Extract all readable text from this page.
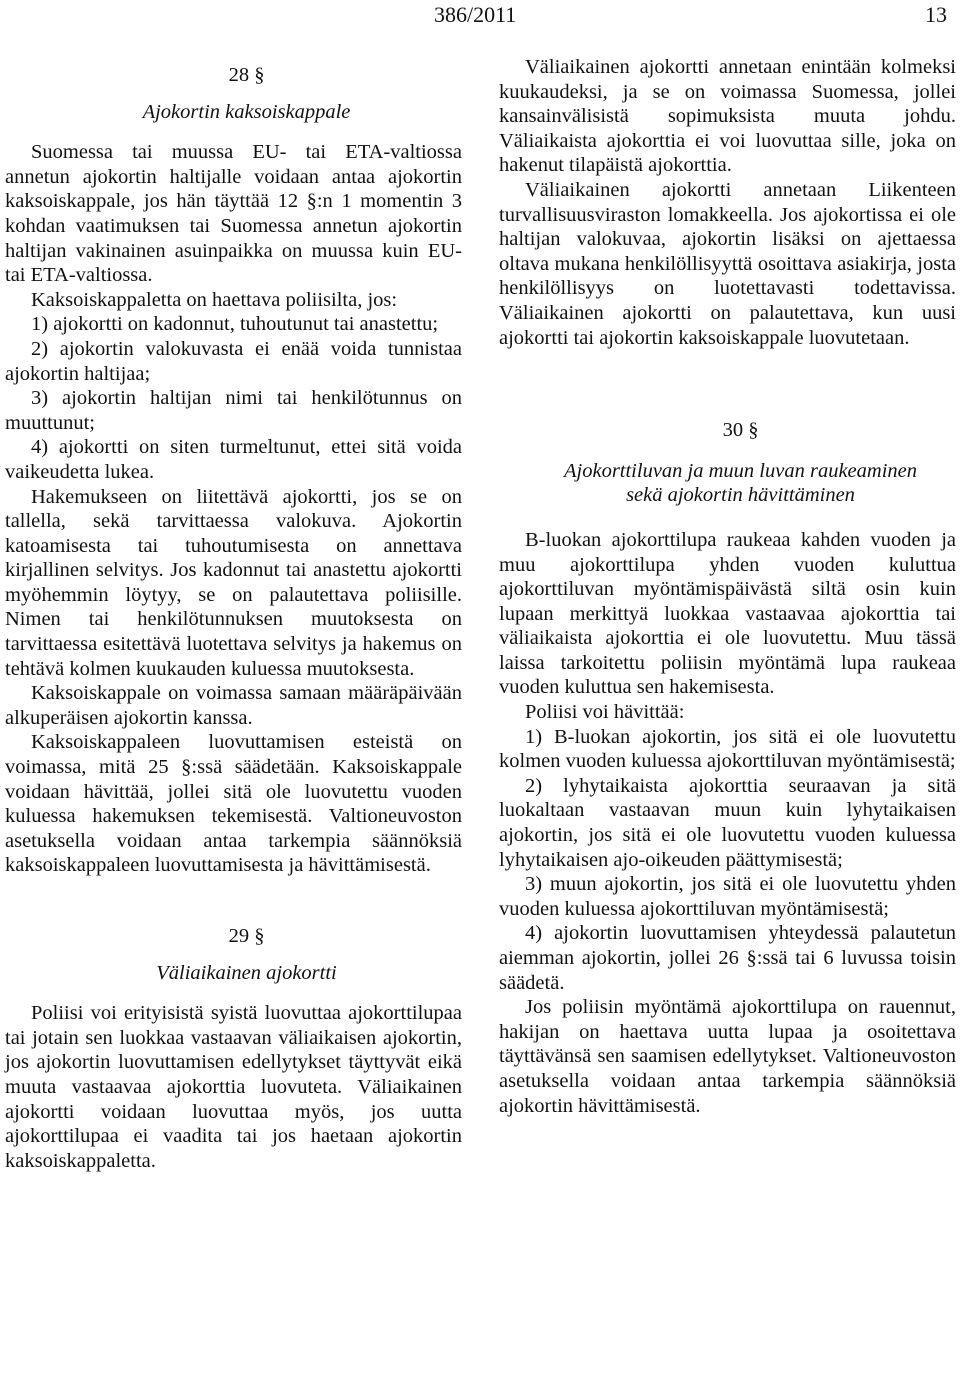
386/2011	13

28 §

Ajokortin kaksoiskappale

Suomessa tai muussa EU- tai ETA-valtiossa annetun ajokortin haltijalle voidaan antaa ajokortin kaksoiskappale, jos hän täyttää 12 §:n 1 momentin 3 kohdan vaatimuksen tai Suomessa annetun ajokortin haltijan vakinainen asuinpaikka on muussa kuin EU- tai ETA-valtiossa.

Kaksoiskappaletta on haettava poliisilta, jos:

1) ajokortti on kadonnut, tuhoutunut tai anastettu;

2) ajokortin valokuvasta ei enää voida tunnistaa ajokortin haltijaa;

3) ajokortin haltijan nimi tai henkilötunnus on muuttunut;

4) ajokortti on siten turmeltunut, ettei sitä voida vaikeudetta lukea.

Hakemukseen on liitettävä ajokortti, jos se on tallella, sekä tarvittaessa valokuva. Ajokortin katoamisesta tai tuhoutumisesta on annettava kirjallinen selvitys. Jos kadonnut tai anastettu ajokortti myöhemmin löytyy, se on palautettava poliisille. Nimen tai henkilötunnuksen muutoksesta on tarvittaessa esitettävä luotettava selvitys ja hakemus on tehtävä kolmen kuukauden kuluessa muutoksesta.

Kaksoiskappale on voimassa samaan määräpäivään alkuperäisen ajokortin kanssa.

Kaksoiskappaleen luovuttamisen esteistä on voimassa, mitä 25 §:ssä säädetään. Kaksoiskappale voidaan hävittää, jollei sitä ole luovutettu vuoden kuluessa hakemuksen tekemisestä. Valtioneuvoston asetuksella voidaan antaa tarkempia säännöksiä kaksoiskappaleen luovuttamisesta ja hävittämisestä.

29 §

Väliaikainen ajokortti

Poliisi voi erityisistä syistä luovuttaa ajokorttilupaa tai jotain sen luokkaa vastaavan väliaikaisen ajokortin, jos ajokortin luovuttamisen edellytykset täyttyvät eikä muuta vastaavaa ajokorttia luovuteta. Väliaikainen ajokortti voidaan luovuttaa myös, jos uutta ajokorttilupaa ei vaadita tai jos haetaan ajokortin kaksoiskappaletta.

Väliaikainen ajokortti annetaan enintään kolmeksi kuukaudeksi, ja se on voimassa Suomessa, jollei kansainvälisistä sopimuksista muuta johdu. Väliaikaista ajokorttia ei voi luovuttaa sille, joka on hakenut tilapäistä ajokorttia.

Väliaikainen ajokortti annetaan Liikenteen turvallisuusviraston lomakkeella. Jos ajokortissa ei ole haltijan valokuvaa, ajokortin lisäksi on ajettaessa oltava mukana henkilöllisyyttä osoittava asiakirja, josta henkilöllisyys on luotettavasti todettavissa. Väliaikainen ajokortti on palautettava, kun uusi ajokortti tai ajokortin kaksoiskappale luovutetaan.

30 §

Ajokorttiluvan ja muun luvan raukeaminen

sekä ajokortin hävittäminen

B-luokan ajokorttilupa raukeaa kahden vuoden ja muu ajokorttilupa yhden vuoden kuluttua ajokorttiluvan myöntämispäivästä siltä osin kuin lupaan merkittyä luokkaa vastaavaa ajokorttia tai väliaikaista ajokorttia ei ole luovutettu. Muu tässä laissa tarkoitettu poliisin myöntämä lupa raukeaa vuoden kuluttua sen hakemisesta.

Poliisi voi hävittää:

1) B-luokan ajokortin, jos sitä ei ole luovutettu kolmen vuoden kuluessa ajokorttiluvan myöntämisestä;

2) lyhytaikaista ajokorttia seuraavan ja sitä luokaltaan vastaavan muun kuin lyhytaikaisen ajokortin, jos sitä ei ole luovutettu vuoden kuluessa lyhytaikaisen ajo-oikeuden päättymisestä;

3) muun ajokortin, jos sitä ei ole luovutettu yhden vuoden kuluessa ajokorttiluvan myöntämisestä;

4) ajokortin luovuttamisen yhteydessä palautetun aiemman ajokortin, jollei 26 §:ssä tai 6 luvussa toisin säädetä.

Jos poliisin myöntämä ajokorttilupa on rauennut, hakijan on haettava uutta lupaa ja osoitettava täyttävänsä sen saamisen edellytykset. Valtioneuvoston asetuksella voidaan antaa tarkempia säännöksiä ajokortin hävittämisestä.
